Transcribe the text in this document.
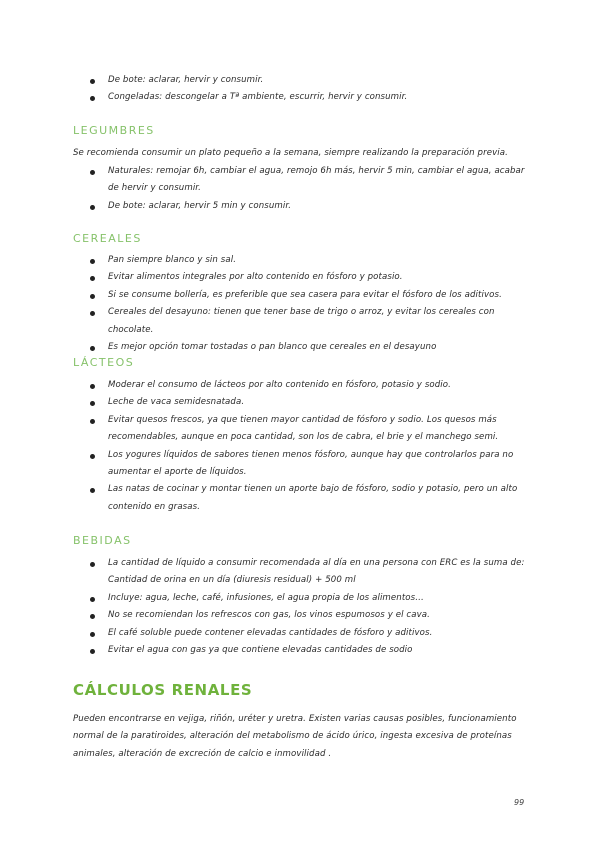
De bote: aclarar, hervir y consumir.
Congeladas: descongelar a Tª ambiente, escurrir, hervir y consumir.
LEGUMBRES
Se recomienda consumir un plato pequeño a la semana, siempre realizando la preparación previa.
Naturales: remojar 6h, cambiar el agua, remojo 6h más, hervir 5 min, cambiar el agua, acabar de hervir y consumir.
De bote: aclarar, hervir 5 min y consumir.
CEREALES
Pan siempre blanco y sin sal.
Evitar alimentos integrales por alto contenido en fósforo y potasio.
Si se consume bollería, es preferible que sea casera para evitar el fósforo de los aditivos.
Cereales del desayuno: tienen que tener base de trigo o arroz, y evitar los cereales con chocolate.
Es mejor opción tomar tostadas o pan blanco que cereales en el desayuno
LÁCTEOS
Moderar el consumo de lácteos por alto contenido en fósforo, potasio y sodio.
Leche de vaca semidesnatada.
Evitar quesos frescos, ya que tienen mayor cantidad de fósforo y sodio. Los quesos más recomendables, aunque en poca cantidad, son los de cabra, el brie y el manchego semi.
Los yogures líquidos de sabores tienen menos fósforo, aunque hay que controlarlos para no aumentar el aporte de líquidos.
Las natas de cocinar y montar tienen un aporte bajo de fósforo, sodio y potasio, pero un alto contenido en grasas.
BEBIDAS
La cantidad de líquido a consumir recomendada al día en una persona con ERC es la suma de: Cantidad de orina en un día (diuresis residual) + 500 ml
Incluye: agua, leche, café, infusiones, el agua propia de los alimentos…
No se recomiendan los refrescos con gas, los vinos espumosos y el cava.
El café soluble puede contener elevadas cantidades de fósforo y aditivos.
Evitar el agua con gas ya que contiene elevadas cantidades de sodio
CÁLCULOS RENALES
Pueden encontrarse en vejiga, riñón, uréter y uretra. Existen varias causas posibles, funcionamiento normal de la paratiroides, alteración del metabolismo de ácido úrico, ingesta excesiva de proteínas animales, alteración de excreción de calcio e inmovilidad .
99
